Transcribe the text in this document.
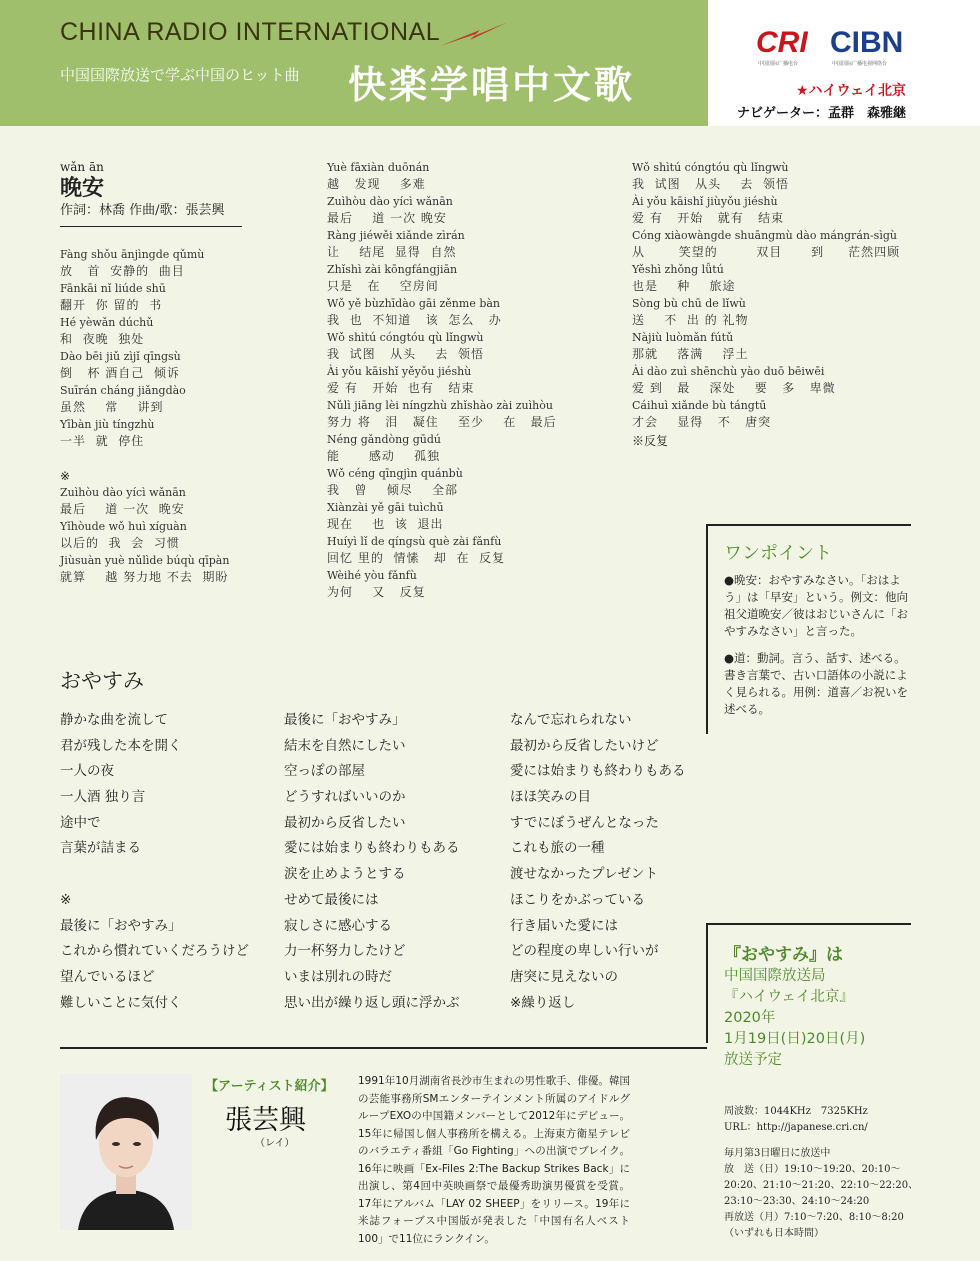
CHINA RADIO INTERNATIONAL
中国国際放送で学ぶ中国のヒット曲 快楽学唱中文歌
CRI CIBN
中国国际广播电台	中国国际广播电视网络台
★ハイウェイ北京
ナビゲーター：孟群　森雅継
wǎn ān
晚安
作詞：林喬 作曲/歌：張芸興
Fàng shǒu ānjìngde qǔmù
放   首  安静的  曲目
Fānkāi nǐ liúde shū
翻开  你 留的  书
Hé yèwǎn dúchǔ
和  夜晚  独处
Dào bēi jiǔ zìjǐ qīngsù
倒   杯 酒自己  倾诉
Suīrán cháng jiǎngdào
虽然    常    讲到
Yībàn jiù tíngzhù
一半  就  停住
※
Zuìhòu dào yícì wǎnān
最后    道 一次  晚安
Yǐhòude wǒ huì xíguàn
以后的  我  会  习惯
Jiùsuàn yuè nǔlìde búqù qīpàn
就算    越 努力地 不去  期盼
Yuè fāxiàn duōnán
越   发现    多难
Zuìhòu dào yícì wǎnān
最后    道 一次 晚安
Ràng jiéwěi xiǎnde zìrán
让    结尾  显得  自然
Zhǐshì zài kōngfángjiān
只是   在    空房间
Wǒ yě bùzhīdào gāi zěnme bàn
我  也  不知道   该  怎么   办
Wǒ shìtú cóngtóu qù lǐngwù
我  试图   从头    去  领悟
Ài yǒu kāishǐ yěyǒu jiéshù
爱 有   开始  也有   结束
Nǔlì jiāng lèi níngzhù zhǐshào zài zuìhòu
努力 将   泪   凝住    至少    在   最后
Néng gǎndòng gūdú
能      感动    孤独
Wǒ céng qīngjìn quánbù
我   曾    倾尽    全部
Xiànzài yě gāi tuìchū
现在    也  该  退出
Huíyì lǐ de qíngsù què zài fǎnfù
回忆 里的  情愫   却  在  反复
Wèihé yòu fǎnfù
为何    又   反复
Wǒ shìtú cóngtóu qù lǐngwù
我  试图   从头    去  领悟
Ài yǒu kāishǐ jiùyǒu jiéshù
爱 有   开始   就有   结束
Cóng xiàowàngde shuāngmù dào mángrán-sìgù
从       笑望的        双目      到     茫然四顾
Yěshì zhǒng lǚtú
也是    种    旅途
Sòng bù chū de lǐwù
送    不  出 的 礼物
Nàjiù luòmǎn fútǔ
那就    落满    浮土
Ài dào zuì shēnchù yào duō bēiwēi
爱 到   最    深处    要   多   卑微
Cáihuì xiǎnde bù tángtū
才会    显得   不   唐突
※反复
ワンポイント

●晩安：おやすみなさい。「おはよう」は「早安」という。例文：他向祖父道晩安／彼はおじいさんに「おやすみなさい」と言った。

●道：動詞。言う、話す、述べる。書き言葉で、古い口語体の小説によく見られる。用例：道喜／お祝いを述べる。

おやすみ
静かな曲を流して
君が残した本を開く
一人の夜
一人酒 独り言
途中で
言葉が詰まる
※
最後に「おやすみ」
これから慣れていくだろうけど
望んでいるほど
難しいことに気付く
最後に「おやすみ」
結末を自然にしたい
空っぽの部屋
どうすればいいのか
最初から反省したい
愛には始まりも終わりもある
涙を止めようとする
せめて最後には
寂しさに感心する
力一杯努力したけど
いまは別れの時だ
思い出が繰り返し頭に浮かぶ
なんで忘れられない
最初から反省したいけど
愛には始まりも終わりもある
ほほ笑みの目
すでにぼうぜんとなった
これも旅の一種
渡せなかったプレゼント
ほこりをかぶっている
行き届いた愛には
どの程度の卑しい行いが
唐突に見えないの
※繰り返し
『おやすみ』は
中国国際放送局
『ハイウェイ北京』
2020年
1月19日(日)20日(月)
放送予定
周波数：1044KHz　7325KHz
URL：http://japanese.cri.cn/
毎月第3日曜日に放送中
放　送（日）19:10～19:20、20:10～20:20、21:10～21:20、22:10～22:20、23:10～23:30、24:10～24:20
再放送（月）7:10～7:20、8:10～8:20
（いずれも日本時間）
【アーティスト紹介】
張芸興
（レイ）
1991年10月湖南省長沙市生まれの男性歌手、俳優。韓国の芸能事務所SMエンターテインメント所属のアイドルグループEXOの中国籍メンバーとして2012年にデビュー。15年に帰国し個人事務所を構える。上海東方衛星テレビのバラエティ番組「Go Fighting」への出演でブレイク。16年に映画「Ex-Files 2:The Backup Strikes Back」に出演し、第4回中英映画祭で最優秀助演男優賞を受賞。17年にアルバム「LAY 02 SHEEP」をリリース。19年に米誌フォーブス中国版が発表した「中国有名人ベスト100」で11位にランクイン。
